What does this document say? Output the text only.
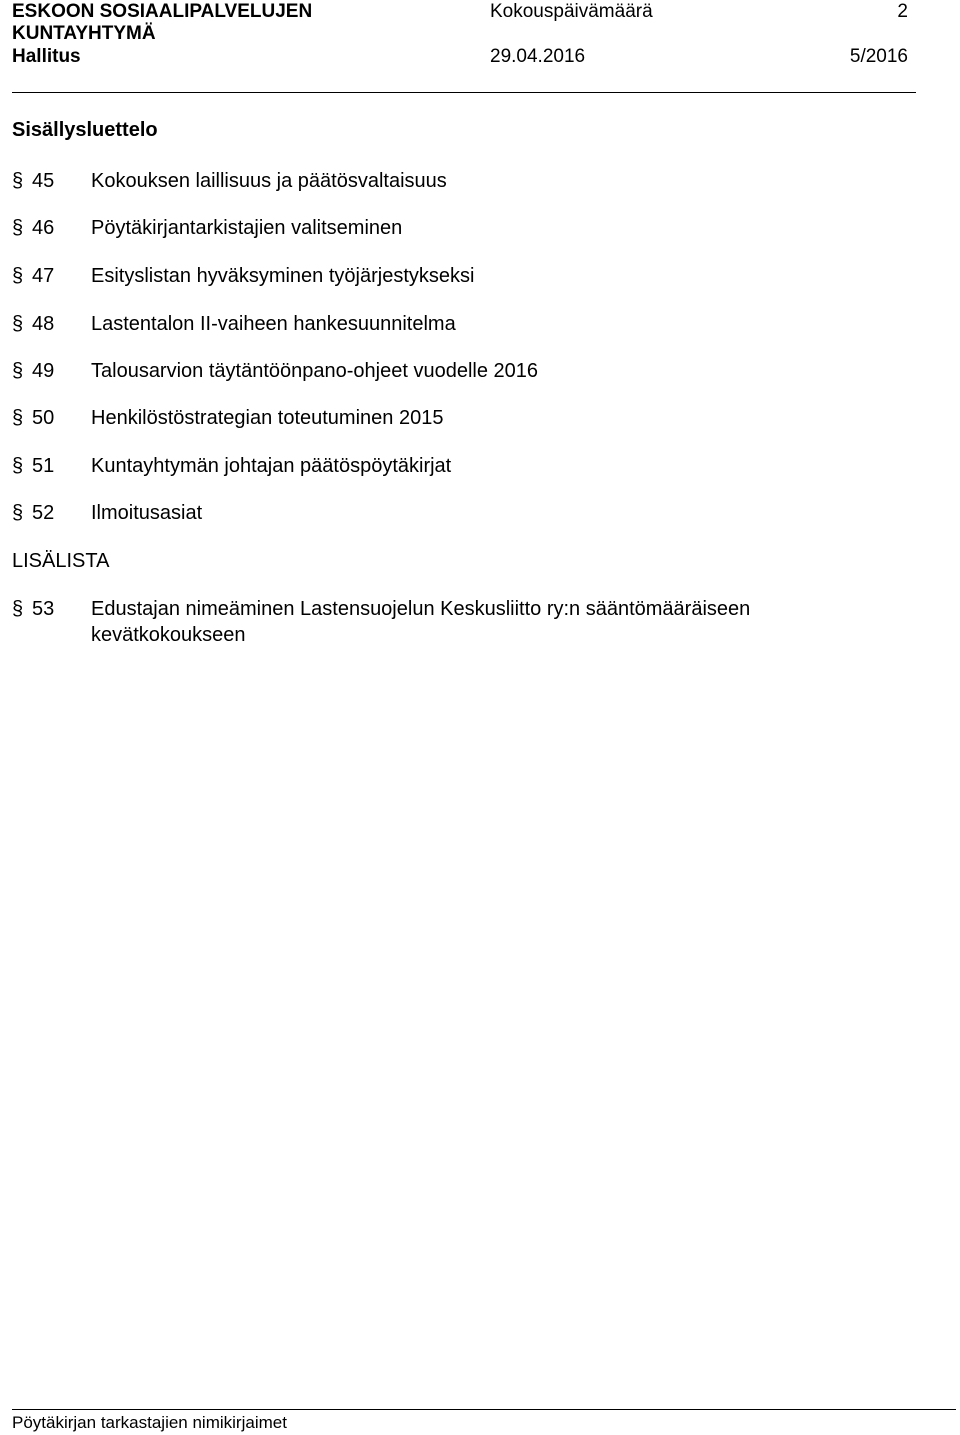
ESKOON SOSIAALIPALVELUJEN
KUNTAYHTYMÄ
Hallitus
Kokouspäivämäärä
29.04.2016
2
5/2016
Sisällysluettelo
§ 45 Kokouksen laillisuus ja päätösvaltaisuus
§ 46 Pöytäkirjantarkistajien valitseminen
§ 47 Esityslistan hyväksyminen työjärjestykseksi
§ 48 Lastentalon II-vaiheen hankesuunnitelma
§ 49 Talousarvion täytäntöönpano-ohjeet vuodelle 2016
§ 50 Henkilöstöstrategian toteutuminen 2015
§ 51 Kuntayhtymän johtajan päätöspöytäkirjat
§ 52 Ilmoitusasiat
LISÄLISTA
§ 53 Edustajan nimeäminen Lastensuojelun Keskusliitto ry:n sääntömääräiseen kevätkokoukseen
Pöytäkirjan tarkastajien nimikirjaimet
